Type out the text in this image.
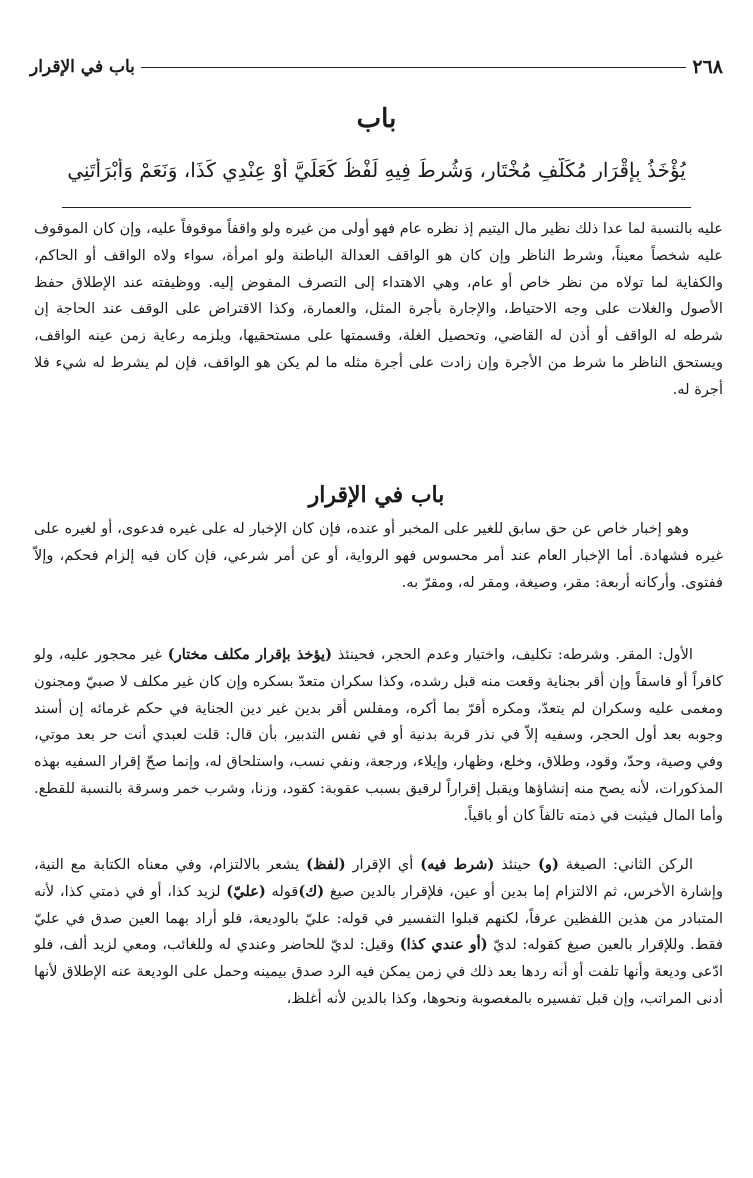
٢٦٨
باب في الإقرار
باب
يُؤْخَذُ بِإِقْرَارِ مُكَلَّفٍ مُخْتَارٍ، وَشُرِطَ فِيهِ لَفْظُ كَعَلَيَّ أَوْ عِنْدِي كَذَا، وَنَعَمْ وَأَبْرَأْتَنِي
عليه بالنسبة لما عدا ذلك نظير مال اليتيم إذ نظره عام فهو أولى من غيره ولو واقفاً موقوفاً عليه، وإن كان الموقوف عليه شخصاً معيناً، وشرط الناظر وإن كان هو الواقف العدالة الباطنة ولو امرأة، سواء ولاه الواقف أو الحاكم، والكفاية لما تولاه من نظر خاص أو عام، وهي الاهتداء إلى التصرف المفوض إليه. ووظيفته عند الإطلاق حفظ الأصول والغلات على وجه الاحتياط، والإجارة بأجرة المثل، والعمارة، وكذا الاقتراض على الوقف عند الحاجة إن شرطه له الواقف أو أذن له القاضي، وتحصيل الغلة، وقسمتها على مستحقيها، ويلزمه رعاية زمن عينه الواقف، ويستحق الناظر ما شرط من الأجرة وإن زادت على أجرة مثله ما لم يكن هو الواقف، فإن لم يشرط له شيء فلا أجرة له.
باب في الإقرار
وهو إخبار خاص عن حق سابق للغير على المخبر أو عنده، فإن كان الإخبار له على غيره فدعوى، أو لغيره على غيره فشهادة. أما الإخبار العام عند أمر محسوس فهو الرواية، أو عن أمر شرعي، فإن كان فيه إلزام فحكم، وإلاّ ففتوى. وأركانه أربعة: مقر، وصيغة، ومقر له، ومقرّ به.
الأول: المقر. وشرطه: تكليف، واختيار وعدم الحجر، فحينئذ (يؤخذ بإقرار مكلف مختار) غير محجور عليه، ولو كافراً أو فاسقاً وإن أقر بجناية وقعت منه قبل رشده، وكذا سكران متعدّ بسكره وإن كان غير مكلف لا صبيّ ومجنون ومغمى عليه وسكران لم يتعدّ، ومكره أقرّ بما أكره، ومفلس أقر بدين غير دين الجناية في حكم غرمائه إن أسند وجوبه بعد أول الحجر، وسفيه إلاّ في نذر قربة بدنية أو في نفس التدبير، بأن قال: قلت لعبدي أنت حر بعد موتي، وفي وصية، وحدّ، وقود، وطلاق، وخلع، وظهار، وإيلاء، ورجعة، ونفي نسب، واستلحاق له، وإنما صحّ إقرار السفيه بهذه المذكورات، لأنه يصح منه إنشاؤها ويقبل إقراراً لرقيق بسبب عقوبة: كقود، وزنا، وشرب خمر وسرقة بالنسبة للقطع. وأما المال فيثبت في ذمته تالفاً كان أو باقياً.
الركن الثاني: الصيغة (و) حينئذ (شرط فيه) أي الإقرار (لفظ) يشعر بالالتزام، وفي معناه الكتابة مع النية، وإشارة الأخرس، ثم الالتزام إما بدين أو عين، فلإقرار بالدين صيغ (ك)قوله (عليّ) لزيد كذا، أو في ذمتي كذا، لأنه المتبادر من هذين اللفظين عرفاً، لكنهم قبلوا التفسير في قوله: عليّ بالوديعة، فلو أراد بهما العين صدق في عليّ فقط. وللإقرار بالعين صيغ كقوله: لديّ (أو عندي كذا) وقيل: لديّ للحاضر وعندي له وللغائب، ومعي لزيد ألف، فلو ادّعى وديعة وأنها تلفت أو أنه ردها بعد ذلك في زمن يمكن فيه الرد صدق بيمينه وحمل على الوديعة عنه الإطلاق لأنها أدنى المراتب، وإن قبل تفسيره بالمغصوبة ونحوها، وكذا بالدين لأنه أغلظ،
